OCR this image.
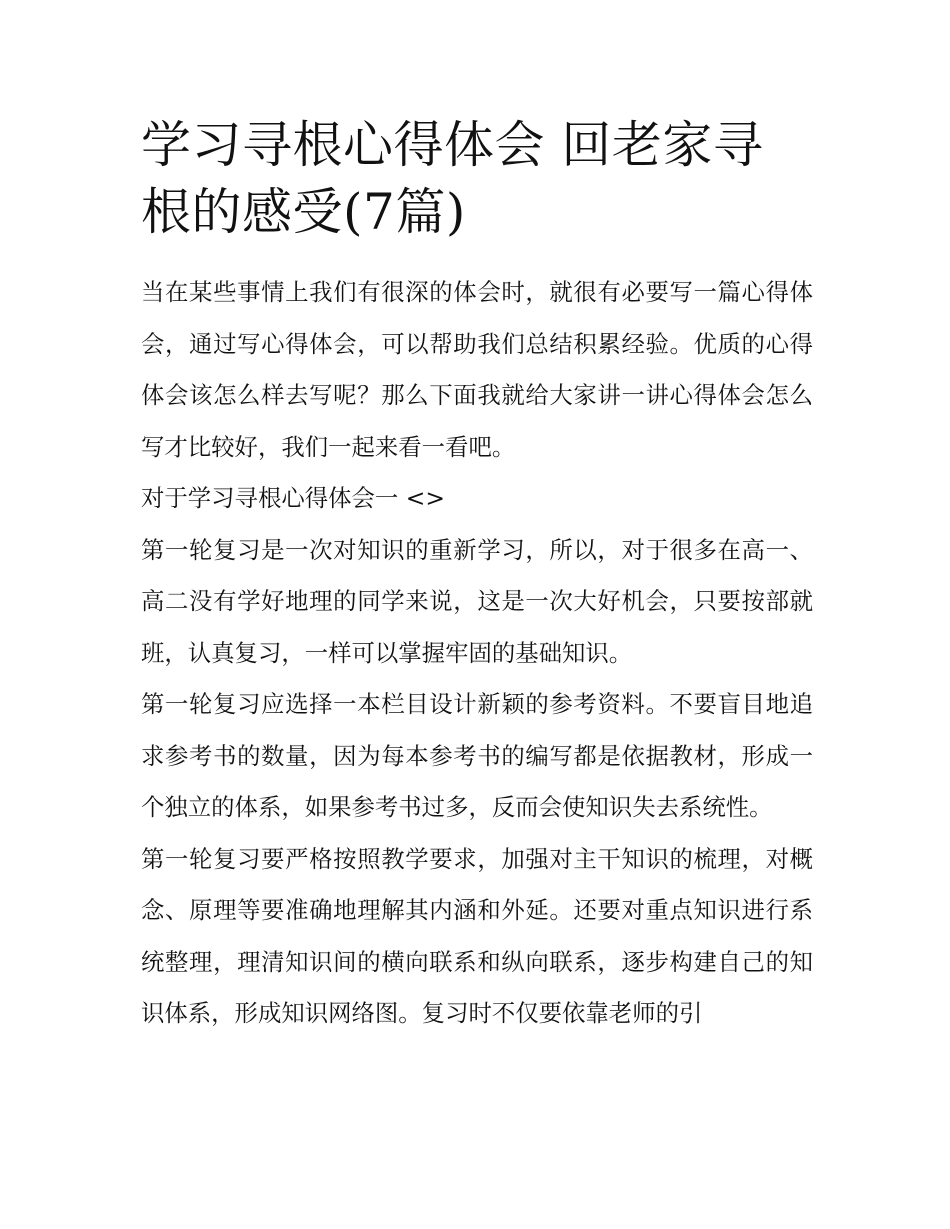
学习寻根心得体会 回老家寻根的感受(7篇)

当在某些事情上我们有很深的体会时，就很有必要写一篇心得体会，通过写心得体会，可以帮助我们总结积累经验。优质的心得体会该怎么样去写呢？那么下面我就给大家讲一讲心得体会怎么写才比较好，我们一起来看一看吧。

对于学习寻根心得体会一 <>

第一轮复习是一次对知识的重新学习，所以，对于很多在高一、高二没有学好地理的同学来说，这是一次大好机会，只要按部就班，认真复习，一样可以掌握牢固的基础知识。

第一轮复习应选择一本栏目设计新颖的参考资料。不要盲目地追求参考书的数量，因为每本参考书的编写都是依据教材，形成一个独立的体系，如果参考书过多，反而会使知识失去系统性。

第一轮复习要严格按照教学要求，加强对主干知识的梳理，对概念、原理等要准确地理解其内涵和外延。还要对重点知识进行系统整理，理清知识间的横向联系和纵向联系，逐步构建自己的知识体系，形成知识网络图。复习时不仅要依靠老师的引
